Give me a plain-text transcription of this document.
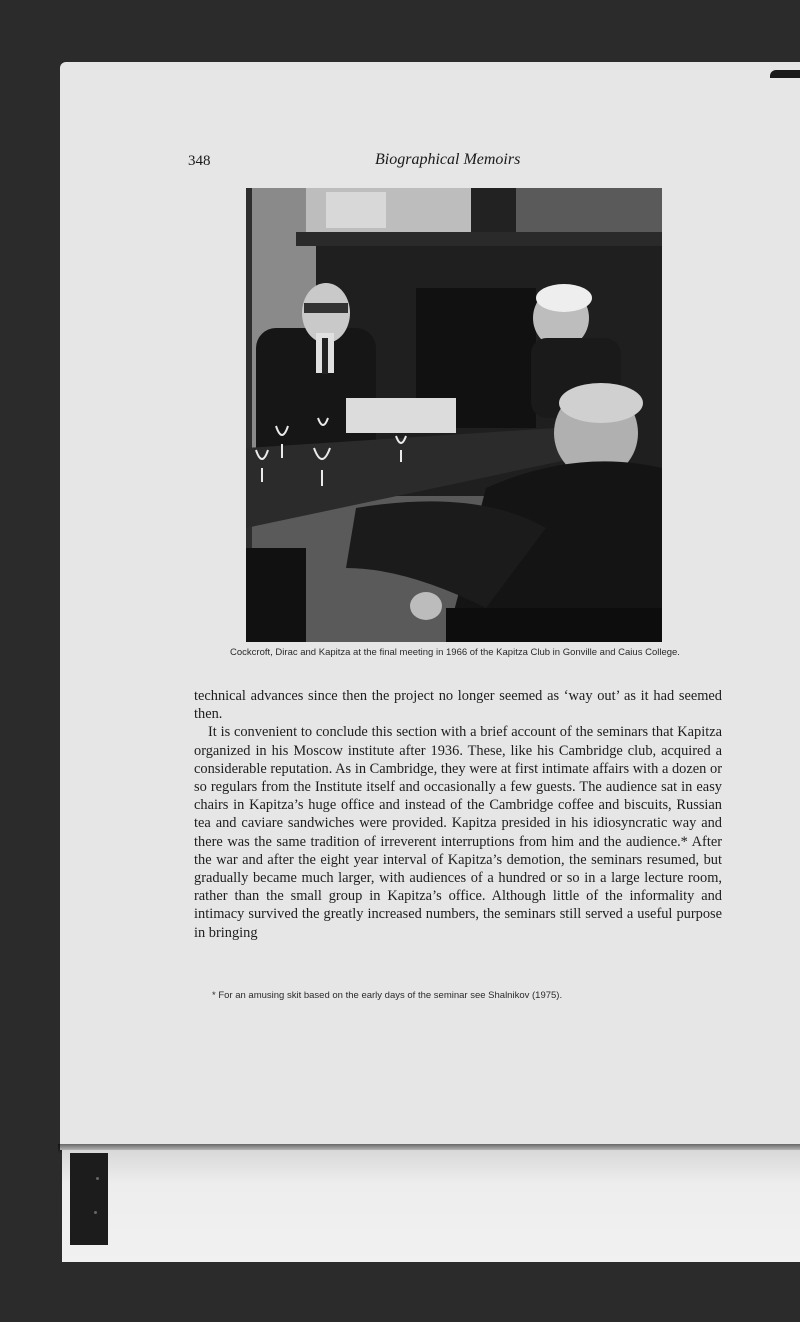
348	Biographical Memoirs
Cockcroft, Dirac and Kapitza at the final meeting in 1966 of the Kapitza Club in Gonville and Caius College.

technical advances since then the project no longer seemed as ‘way out’ as it had seemed then.

It is convenient to conclude this section with a brief account of the seminars that Kapitza organized in his Moscow institute after 1936. These, like his Cambridge club, acquired a considerable reputation. As in Cambridge, they were at first intimate affairs with a dozen or so regulars from the Institute itself and occasionally a few guests. The audience sat in easy chairs in Kapitza’s huge office and instead of the Cambridge coffee and biscuits, Russian tea and caviare sandwiches were provided. Kapitza presided in his idiosyncratic way and there was the same tradition of irreverent interruptions from him and the audience.* After the war and after the eight year interval of Kapitza’s demotion, the seminars resumed, but gradually became much larger, with audiences of a hundred or so in a large lecture room, rather than the small group in Kapitza’s office. Although little of the informality and intimacy survived the greatly increased numbers, the seminars still served a useful purpose in bringing

* For an amusing skit based on the early days of the seminar see Shalnikov (1975).
